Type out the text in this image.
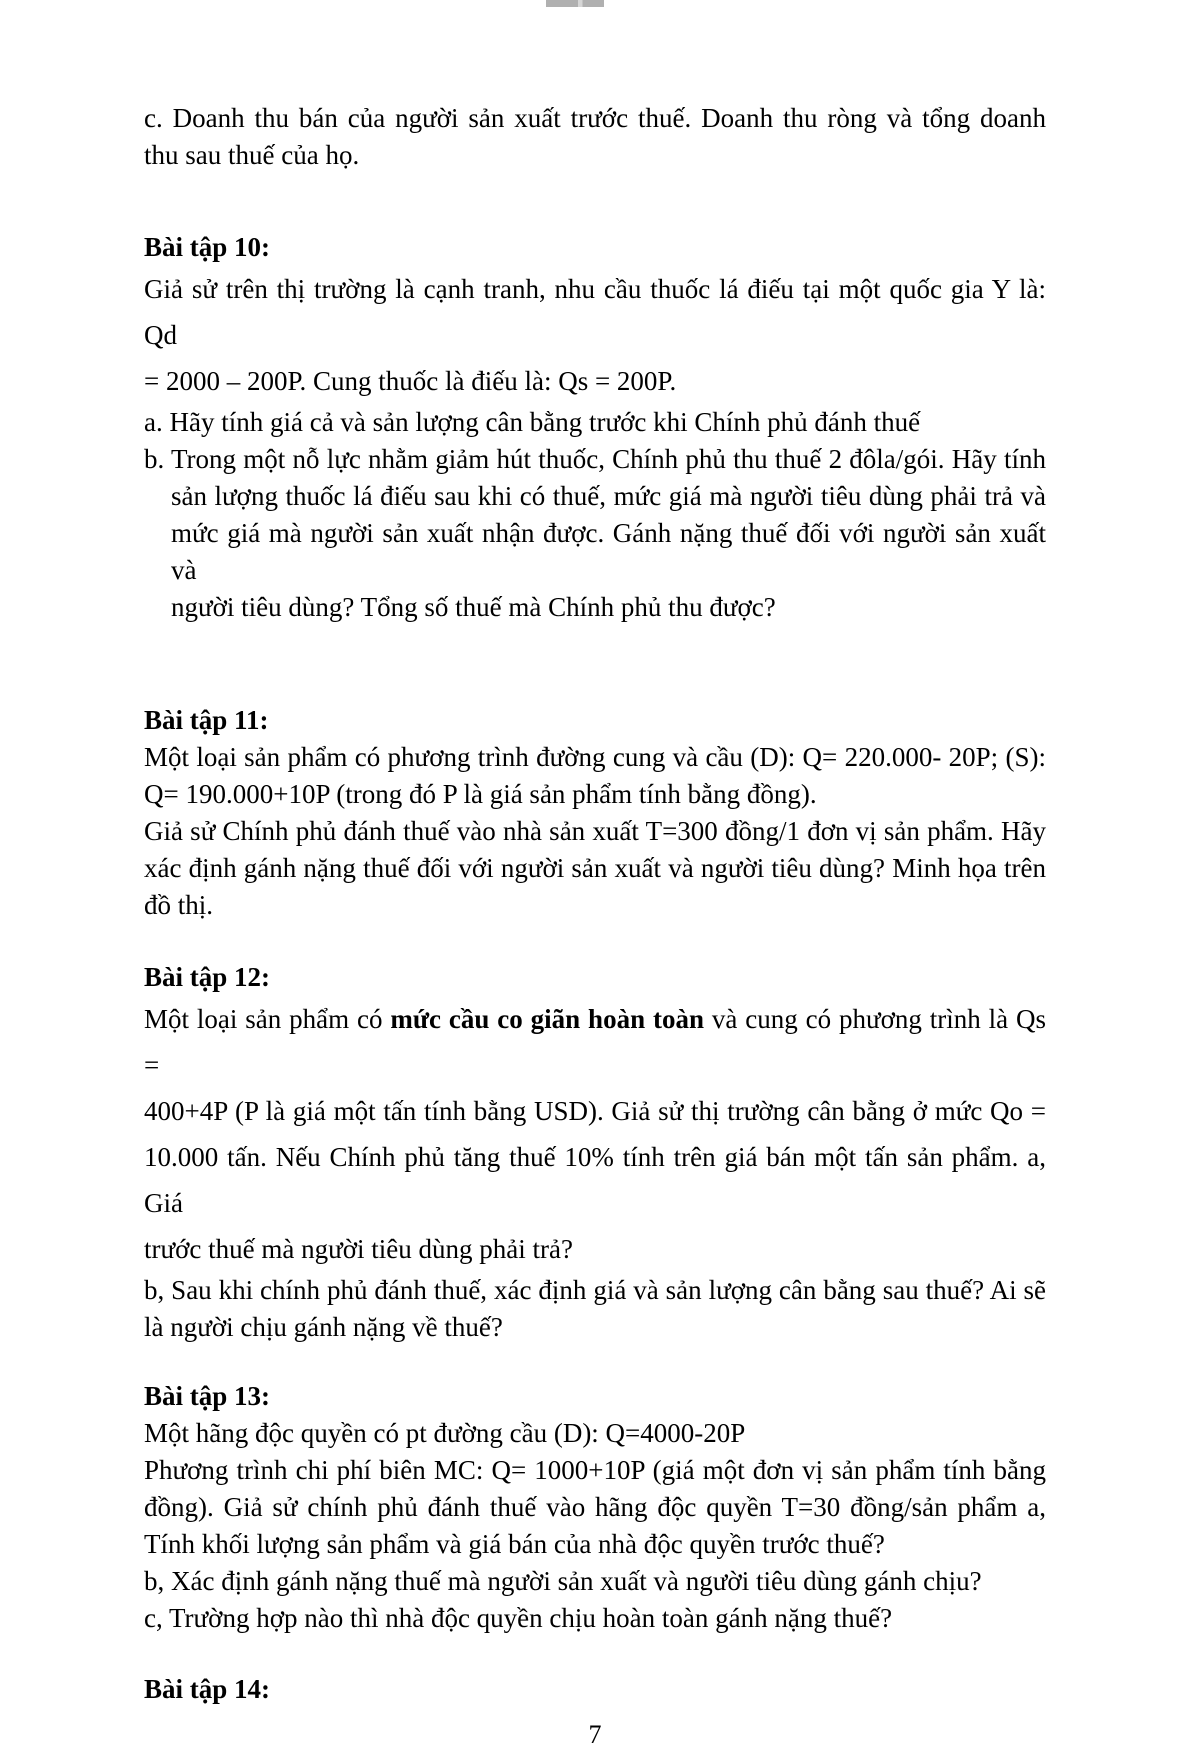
c. Doanh thu bán của người sản xuất trước thuế. Doanh thu ròng và tổng doanh
thu sau thuế của họ.
Bài tập 10:
Giả sử trên thị trường là cạnh tranh, nhu cầu thuốc lá điếu tại một quốc gia Y là: Qd
= 2000 – 200P. Cung thuốc là điếu là: Qs = 200P.
a. Hãy tính giá cả và sản lượng cân bằng trước khi Chính phủ đánh thuế
b. Trong một nỗ lực nhằm giảm hút thuốc, Chính phủ thu thuế 2 đôla/gói. Hãy tính
sản lượng thuốc lá điếu sau khi có thuế, mức giá mà người tiêu dùng phải trả và
mức giá mà người sản xuất nhận được. Gánh nặng thuế đối với người sản xuất và
người tiêu dùng? Tổng số thuế mà Chính phủ thu được?
Bài tập 11:
Một loại sản phẩm có phương trình đường cung và cầu (D): Q= 220.000- 20P; (S):
Q= 190.000+10P (trong đó P là giá sản phẩm tính bằng đồng).
Giả sử Chính phủ đánh thuế vào nhà sản xuất T=300 đồng/1 đơn vị sản phẩm. Hãy
xác định gánh nặng thuế đối với người sản xuất và người tiêu dùng? Minh họa trên
đồ thị.
Bài tập 12:
Một loại sản phẩm có mức cầu co giãn hoàn toàn và cung có phương trình là Qs =
400+4P (P là giá một tấn tính bằng USD). Giả sử thị trường cân bằng ở mức Qo =
10.000 tấn. Nếu Chính phủ tăng thuế 10% tính trên giá bán một tấn sản phẩm. a, Giá
trước thuế mà người tiêu dùng phải trả?
b, Sau khi chính phủ đánh thuế, xác định giá và sản lượng cân bằng sau thuế? Ai sẽ
là người chịu gánh nặng về thuế?
Bài tập 13:
Một hãng độc quyền có pt đường cầu (D): Q=4000-20P
Phương trình chi phí biên MC: Q= 1000+10P (giá một đơn vị sản phẩm tính bằng
đồng). Giả sử chính phủ đánh thuế vào hãng độc quyền T=30 đồng/sản phẩm a,
Tính khối lượng sản phẩm và giá bán của nhà độc quyền trước thuế?
b, Xác định gánh nặng thuế mà người sản xuất và người tiêu dùng gánh chịu?
c, Trường hợp nào thì nhà độc quyền chịu hoàn toàn gánh nặng thuế?
Bài tập 14:
7
